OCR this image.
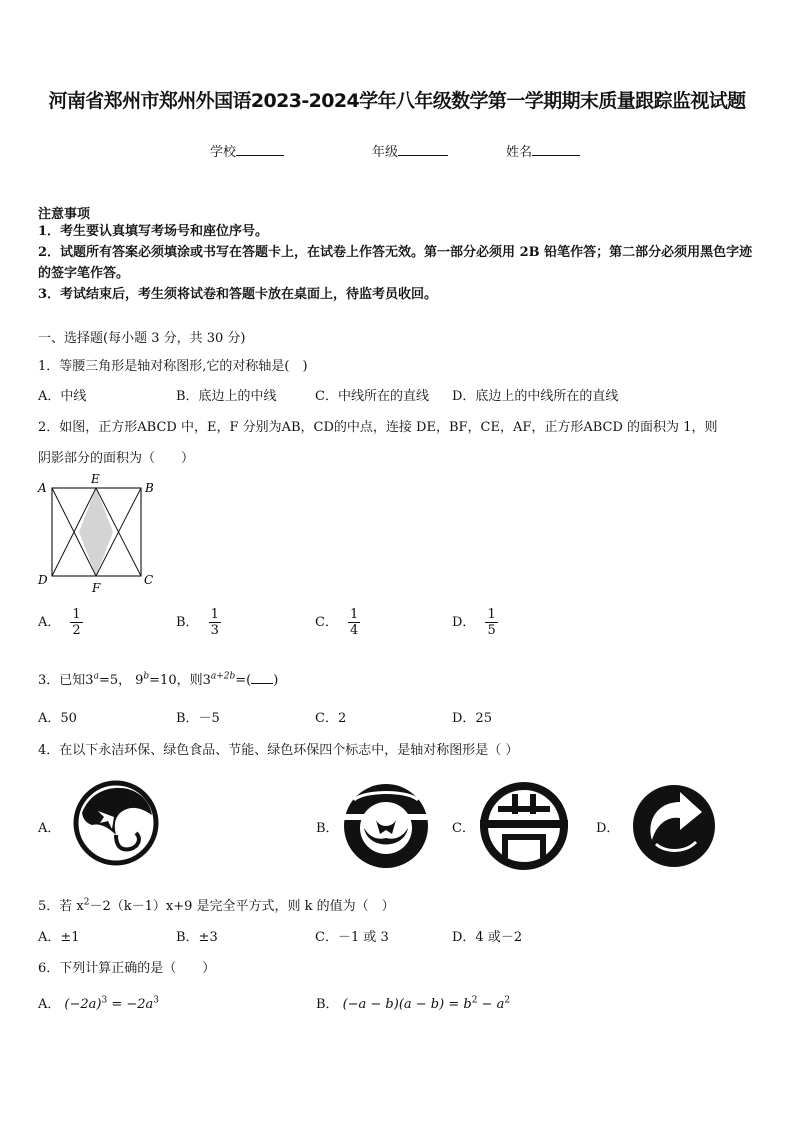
河南省郑州市郑州外国语2023-2024学年八年级数学第一学期期末质量跟踪监视试题
学校	年级	姓名
注意事项
1．考生要认真填写考场号和座位序号。
2．试题所有答案必须填涂或书写在答题卡上，在试卷上作答无效。第一部分必须用 2B 铅笔作答；第二部分必须用黑色字迹的签字笔作答。
3．考试结束后，考生须将试卷和答题卡放在桌面上，待监考员收回。
一、选择题(每小题 3 分，共 30 分)
1．等腰三角形是轴对称图形,它的对称轴是(　)
A．中线	B．底边上的中线	C．中线所在的直线 D．底边上的中线所在的直线
2．如图，正方形ABCD 中，E，F 分别为AB，CD的中点，连接 DE，BF，CE，AF，正方形ABCD 的面积为 1，则
阴影部分的面积为（　　）
A
E
B
D
F
C
A． $\frac{1}{2}$	B． $\frac{1}{3}$	C． $\frac{1}{4}$	D． $\frac{1}{5}$
3．已知$3^a=5$， $9^b=10$，则$3^{a+2b}=$( )
A．50	B．－5	C．2	D．25
4．在以下永洁环保、绿色食品、节能、绿色环保四个标志中，是轴对称图形是（ ）
A．	B．	C．	D．
5．若 $x^2-2(k-1)x+9$ 是完全平方式，则 k 的值为（　）
A．±1	B．±3	C．－1 或 3	D．4 或－2
6．下列计算正确的是（　　）
A． $(-2a)^3 = -2a^3$	B． $(-a - b)(a - b) = b^2 - a^2$
